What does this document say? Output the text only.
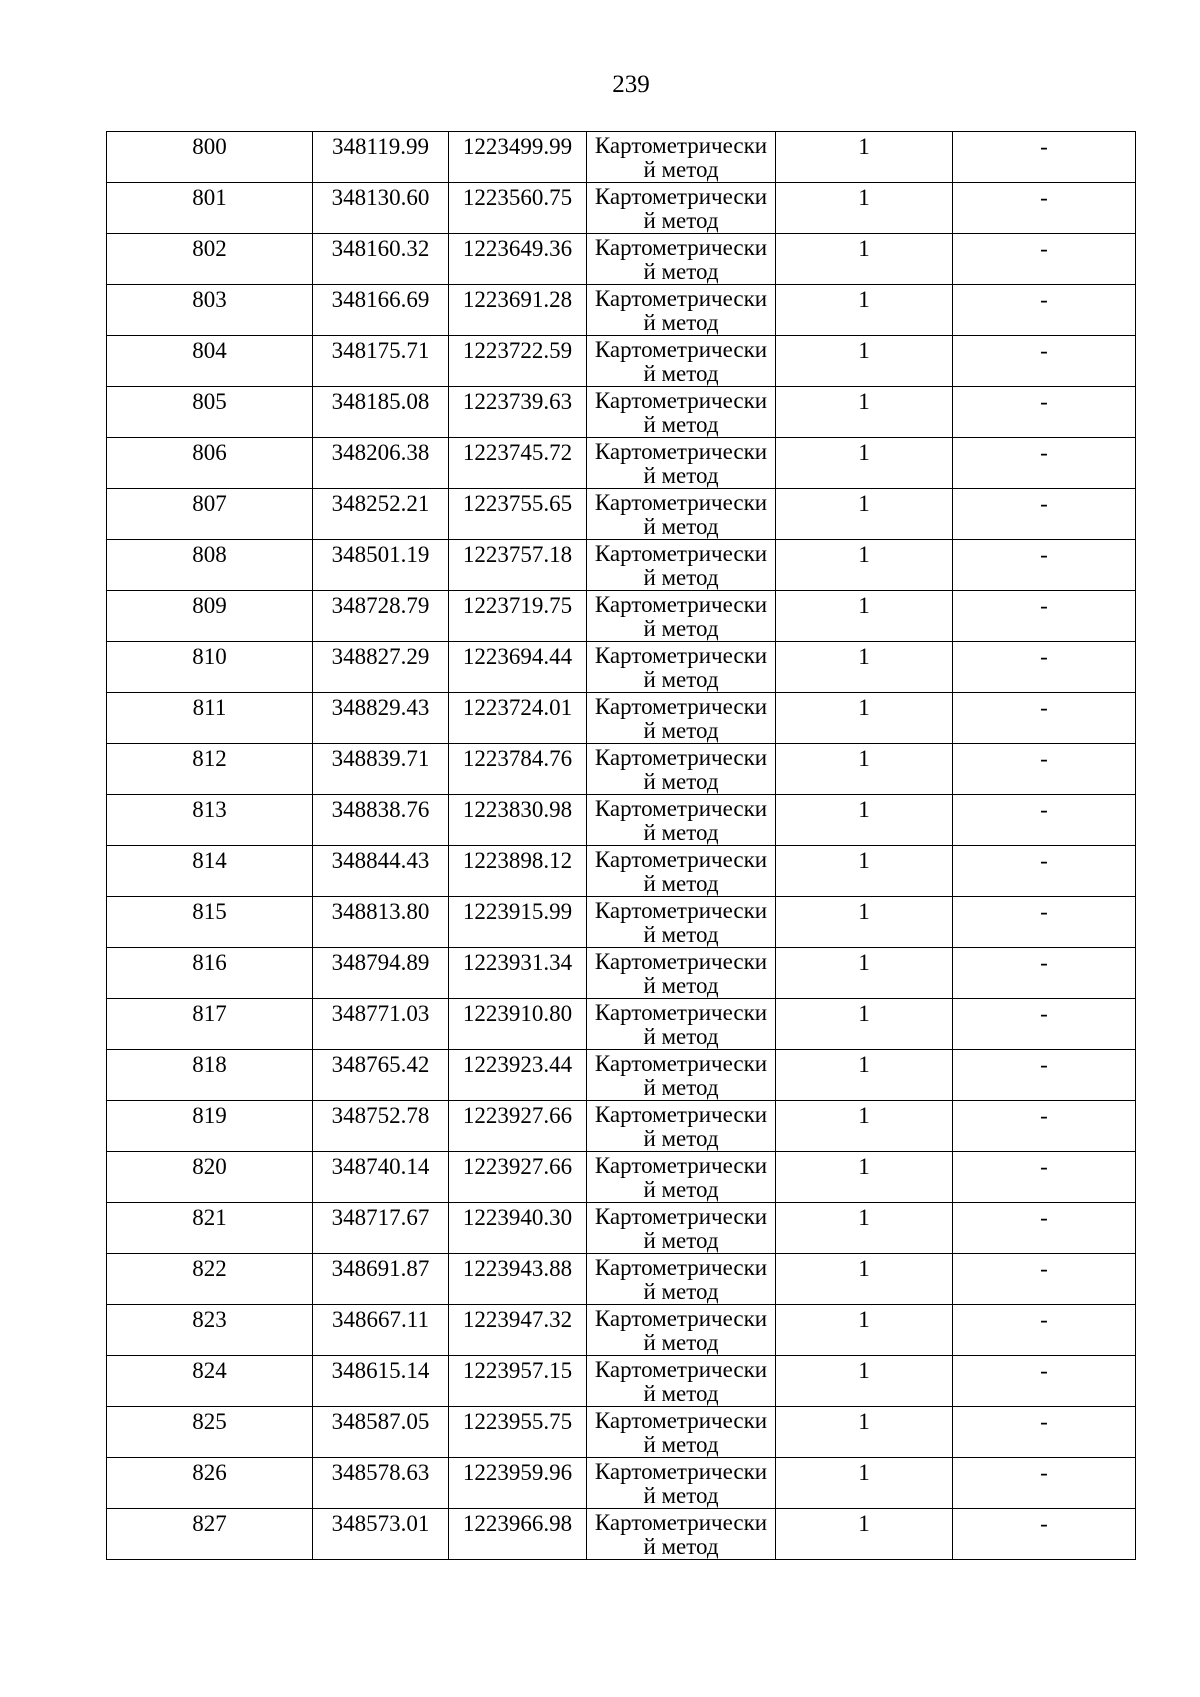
239
800	348119.99	1223499.99	Картометрически й метод	1	-

801	348130.60	1223560.75	Картометрически й метод	1	-

802	348160.32	1223649.36	Картометрически й метод	1	-

803	348166.69	1223691.28	Картометрически й метод	1	-

804	348175.71	1223722.59	Картометрически й метод	1	-

805	348185.08	1223739.63	Картометрически й метод	1	-

806	348206.38	1223745.72	Картометрически й метод	1	-

807	348252.21	1223755.65	Картометрически й метод	1	-

808	348501.19	1223757.18	Картометрически й метод	1	-

809	348728.79	1223719.75	Картометрически й метод	1	-

810	348827.29	1223694.44	Картометрически й метод	1	-

811	348829.43	1223724.01	Картометрически й метод	1	-

812	348839.71	1223784.76	Картометрически й метод	1	-

813	348838.76	1223830.98	Картометрически й метод	1	-

814	348844.43	1223898.12	Картометрически й метод	1	-

815	348813.80	1223915.99	Картометрически й метод	1	-

816	348794.89	1223931.34	Картометрически й метод	1	-

817	348771.03	1223910.80	Картометрически й метод	1	-

818	348765.42	1223923.44	Картометрически й метод	1	-

819	348752.78	1223927.66	Картометрически й метод	1	-

820	348740.14	1223927.66	Картометрически й метод	1	-

821	348717.67	1223940.30	Картометрически й метод	1	-

822	348691.87	1223943.88	Картометрически й метод	1	-

823	348667.11	1223947.32	Картометрически й метод	1	-

824	348615.14	1223957.15	Картометрически й метод	1	-

825	348587.05	1223955.75	Картометрически й метод	1	-

826	348578.63	1223959.96	Картометрически й метод	1	-

827	348573.01	1223966.98	Картометрически й метод	1	-
